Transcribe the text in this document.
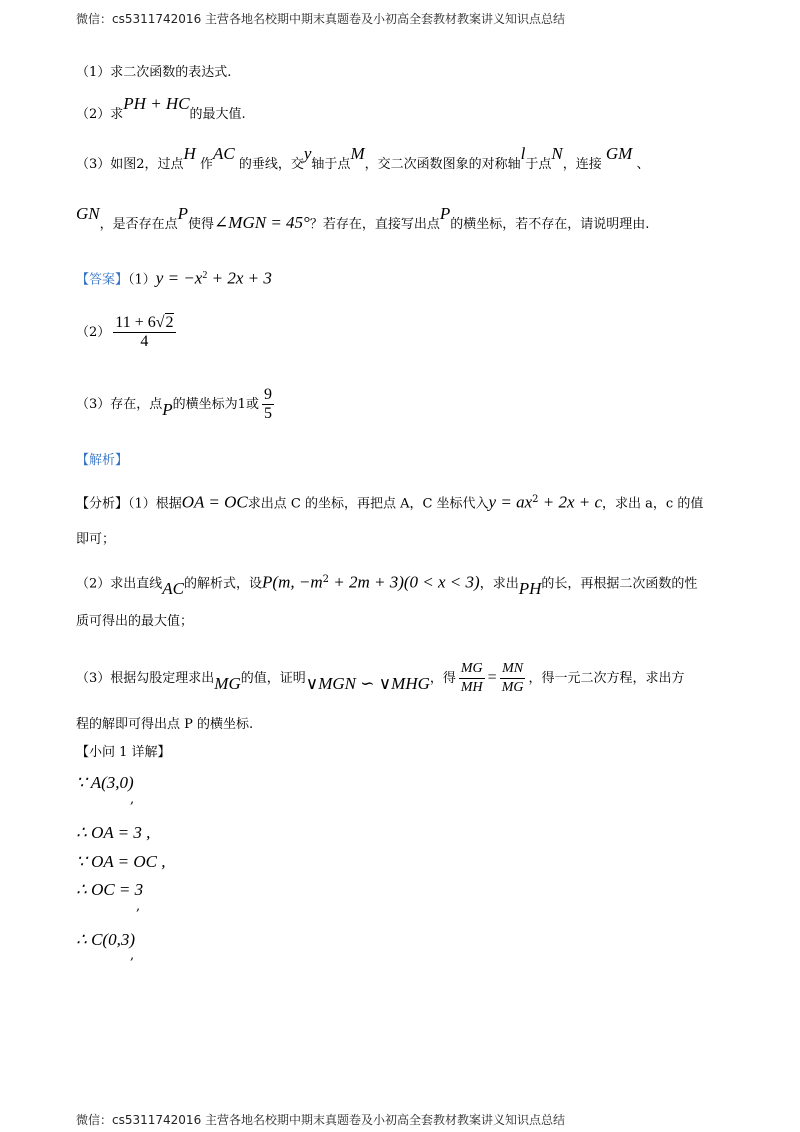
微信：cs5311742016 主营各地名校期中期末真题卷及小初高全套教材教案讲义知识点总结
（1）求二次函数的表达式.
（2）求PH + HC的最大值.
（3）如图2，过点H 作AC 的垂线，交y轴于点M，交二次函数图象的对称轴l于点N，连接 GM 、
GN，是否存在点P使得∠MGN = 45°？若存在，直接写出点P的横坐标，若不存在，请说明理由.
【答案】$(1)y = -x^2 + 2x + 3$
$(2) \frac{11 + 6√2}{4}$
（3）存在，点P的横坐标为1或 $\frac{9}{5}$
【解析】
【分析】（1）根据OA = OC求出点 C 的坐标，再把点 A，C 坐标代入$y = ax^2 + 2x + c$，求出 a，c 的值
即可；
（2）求出直线AC的解析式，设P(m, $-m^2 + 2m + 3)(0 < x < 3)$，求出PH的长，再根据二次函数的性
质可得出的最大值；
（3）根据勾股定理求出MG的值，证明∨MGN ∽ ∨MHG，得 $\frac{MG}{MH} = \frac{MN}{MG}$ ，得一元二次方程，求出方
程的解即可得出点 P 的横坐标.
【小问 1 详解】
∵ A(3,0)
,
∴ OA = 3 ,
∵ OA = OC ,
∴ OC = 3
,
∴ C(0,3)
,
微信：cs5311742016 主营各地名校期中期末真题卷及小初高全套教材教案讲义知识点总结
